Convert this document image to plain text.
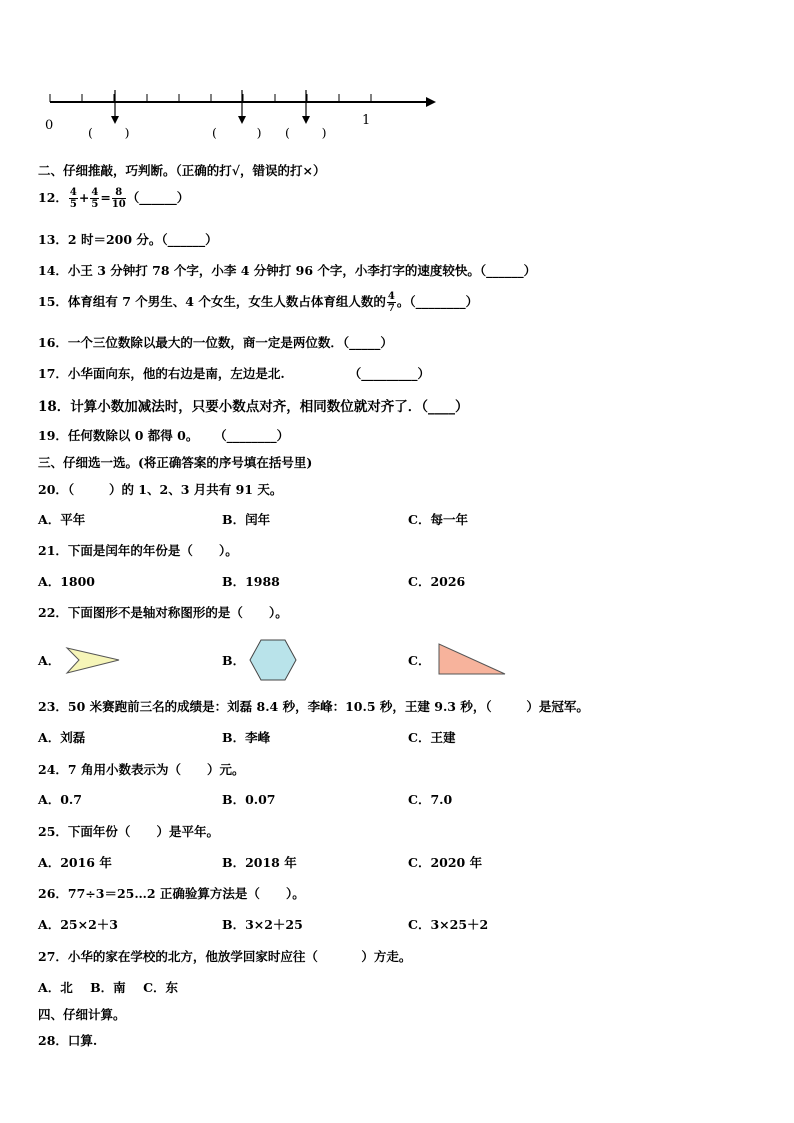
0	1
(        )	(          ) (        )
二、仔细推敲，巧判断。（正确的打√，错误的打×）
12． $\frac{4}{5} + \frac{4}{5} = \frac{8}{10}$ （______）
13．2 时＝200 分。（______）
14．小王 3 分钟打 78 个字，小李 4 分钟打 96 个字，小李打字的速度较快。（______）
15．体育组有 7 个男生、4 个女生，女生人数占体育组人数的 $\frac{4}{7}$ 。（________）
16．一个三位数除以最大的一位数，商一定是两位数．（_____）
17．小华面向东，他的右边是南，左边是北.	（_________）
18．计算小数加减法时，只要小数点对齐，相同数位就对齐了．（____）
19．任何数除以 0 都得 0。 （________）
三、仔细选一选。(将正确答案的序号填在括号里)
20．（        ）的 1、2、3 月共有 91 天。
A．平年	B．闰年	C．每一年
21．下面是闰年的年份是（      ）。
A．1800	B．1988	C．2026
22．下面图形不是轴对称图形的是（      ）。
A．	B．	C．
23．50 米赛跑前三名的成绩是：刘磊 8.4 秒，李峰：10.5 秒，王建 9.3 秒，（        ）是冠军。
A．刘磊	B．李峰	C．王建
24．7 角用小数表示为（      ）元。
A．0.7	B．0.07	C．7.0
25．下面年份（      ）是平年。
A．2016 年	B．2018 年	C．2020 年
26．77÷3＝25…2 正确验算方法是（      ）。
A．25×2＋3	B．3×2＋25	C．3×25＋2
27．小华的家在学校的北方，他放学回家时应往（          ）方走。
A．北    B．南    C．东
四、仔细计算。
28．口算.
